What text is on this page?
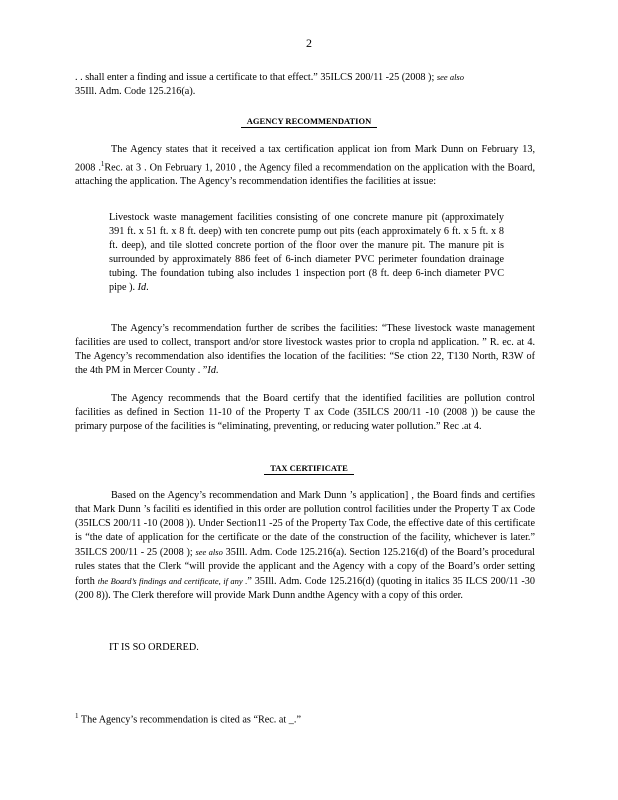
2
. . shall enter a finding and issue a certificate to that effect.” 35ILCS 200/11 -25 (2008 ); see also
35Ill. Adm. Code 125.216(a).
AGENCY RECOMMENDATION
The Agency states that it received a tax certification applicat ion from Mark Dunn on February 13, 2008 .$^1$Rec. at 3 . On February 1, 2010 , the Agency filed a recommendation on the application with the Board, attaching the application. The Agency’s recommendation identifies the facilities at issue:
Livestock waste management facilities consisting of one concrete manure pit (approximately 391 ft. x 51 ft. x 8 ft. deep) with ten concrete pump out pits (each approximately 6 ft. x 5 ft. x 8 ft. deep), and tile slotted concrete portion of the floor over the manure pit. The manure pit is surrounded by approximately 886 feet of 6-inch diameter PVC perimeter foundation drainage tubing. The foundation tubing also includes 1 inspection port (8 ft. deep 6-inch diameter PVC pipe ). Id.
The Agency’s recommendation further de scribes the facilities: “These livestock waste management facilities are used to collect, transport and/or store livestock wastes prior to cropla nd application. ” R. ec. at 4. The Agency’s recommendation also identifies the location of the facilities: “Se ction 22, T130 North, R3W of the 4th PM in Mercer County . ”Id.
The Agency recommends that the Board certify that the identified facilities are pollution control facilities as defined in Section 11-10 of the Property T ax Code (35ILCS 200/11 -10 (2008 )) be cause the primary purpose of the facilities is “eliminating, preventing, or reducing water pollution.” Rec .at 4.
TAX CERTIFICATE
Based on the Agency’s recommendation and Mark Dunn ’s application] , the Board finds and certifies that Mark Dunn ’s faciliti es identified in this order are pollution control facilities under the Property T ax Code (35ILCS 200/11 -10 (2008 )). Under Section11 -25 of the Property Tax Code, the effective date of this certificate is “the date of application for the certificate or the date of the construction of the facility, whichever is later.” 35ILCS 200/11 - 25 (2008 ); see also 35Ill. Adm. Code 125.216(a). Section 125.216(d) of the Board’s procedural rules states that the Clerk “will provide the applicant and the Agency with a copy of the Board’s order setting forth the Board’s findings and certificate, if any .” 35Ill. Adm. Code 125.216(d) (quoting in italics 35 ILCS 200/11 -30 (200 8)). The Clerk therefore will provide Mark Dunn andthe Agency with a copy of this order.
IT IS SO ORDERED.
$^1$ The Agency’s recommendation is cited as “Rec. at _.”
